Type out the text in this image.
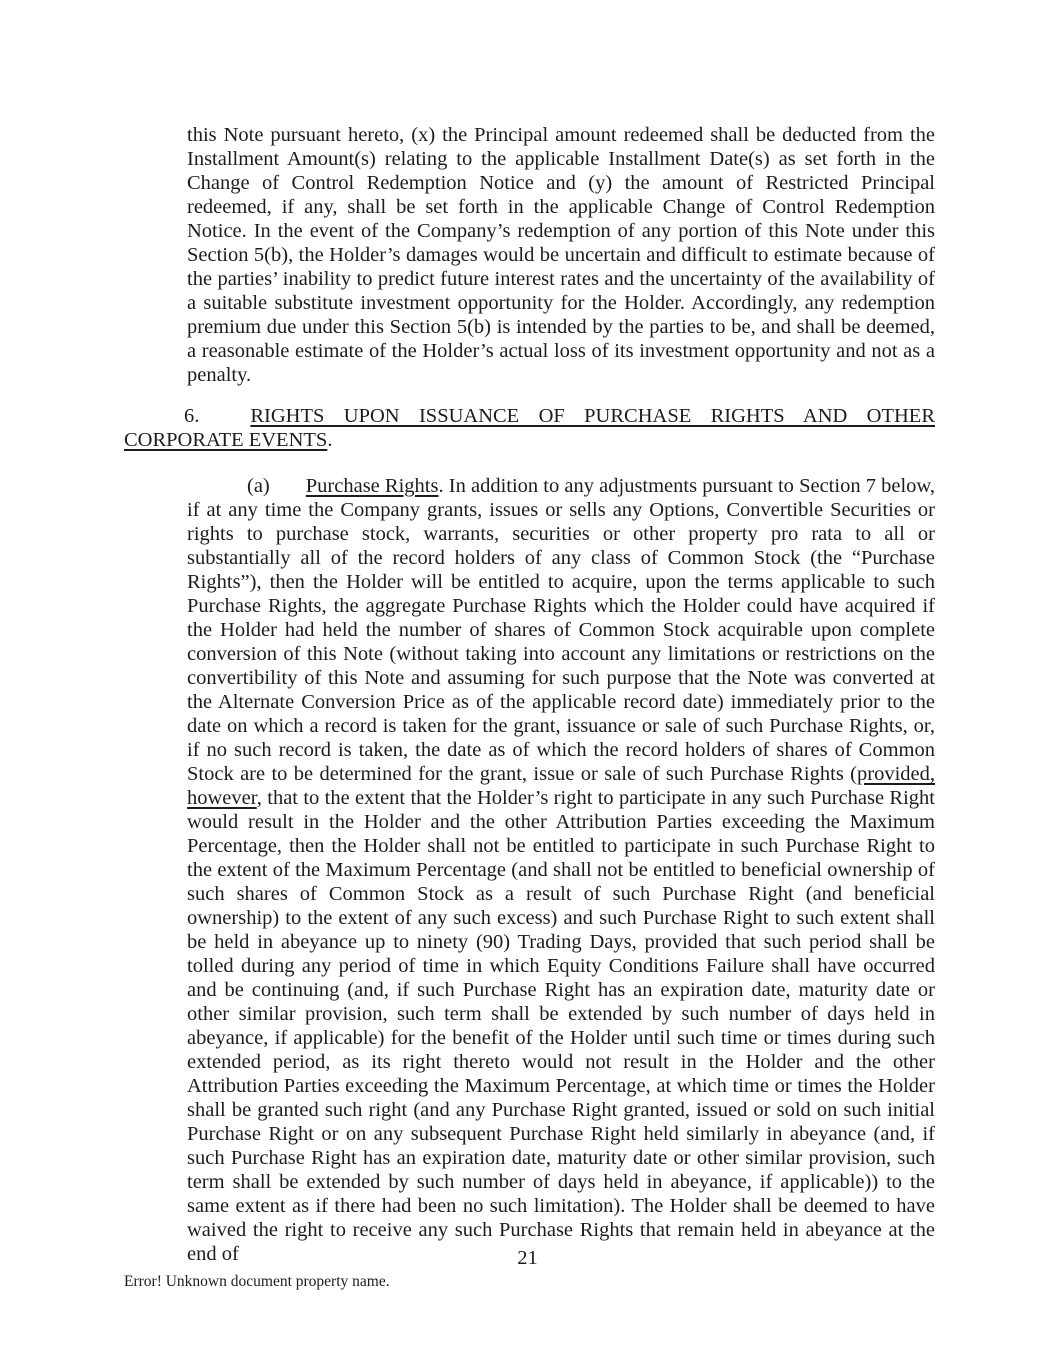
this Note pursuant hereto, (x) the Principal amount redeemed shall be deducted from the Installment Amount(s) relating to the applicable Installment Date(s) as set forth in the Change of Control Redemption Notice and (y) the amount of Restricted Principal redeemed, if any, shall be set forth in the applicable Change of Control Redemption Notice. In the event of the Company’s redemption of any portion of this Note under this Section 5(b), the Holder’s damages would be uncertain and difficult to estimate because of the parties’ inability to predict future interest rates and the uncertainty of the availability of a suitable substitute investment opportunity for the Holder. Accordingly, any redemption premium due under this Section 5(b) is intended by the parties to be, and shall be deemed, a reasonable estimate of the Holder’s actual loss of its investment opportunity and not as a penalty.

6. RIGHTS UPON ISSUANCE OF PURCHASE RIGHTS AND OTHER CORPORATE EVENTS.

(a) Purchase Rights. In addition to any adjustments pursuant to Section 7 below, if at any time the Company grants, issues or sells any Options, Convertible Securities or rights to purchase stock, warrants, securities or other property pro rata to all or substantially all of the record holders of any class of Common Stock (the “Purchase Rights”), then the Holder will be entitled to acquire, upon the terms applicable to such Purchase Rights, the aggregate Purchase Rights which the Holder could have acquired if the Holder had held the number of shares of Common Stock acquirable upon complete conversion of this Note (without taking into account any limitations or restrictions on the convertibility of this Note and assuming for such purpose that the Note was converted at the Alternate Conversion Price as of the applicable record date) immediately prior to the date on which a record is taken for the grant, issuance or sale of such Purchase Rights, or, if no such record is taken, the date as of which the record holders of shares of Common Stock are to be determined for the grant, issue or sale of such Purchase Rights (provided, however, that to the extent that the Holder’s right to participate in any such Purchase Right would result in the Holder and the other Attribution Parties exceeding the Maximum Percentage, then the Holder shall not be entitled to participate in such Purchase Right to the extent of the Maximum Percentage (and shall not be entitled to beneficial ownership of such shares of Common Stock as a result of such Purchase Right (and beneficial ownership) to the extent of any such excess) and such Purchase Right to such extent shall be held in abeyance up to ninety (90) Trading Days, provided that such period shall be tolled during any period of time in which Equity Conditions Failure shall have occurred and be continuing (and, if such Purchase Right has an expiration date, maturity date or other similar provision, such term shall be extended by such number of days held in abeyance, if applicable) for the benefit of the Holder until such time or times during such extended period, as its right thereto would not result in the Holder and the other Attribution Parties exceeding the Maximum Percentage, at which time or times the Holder shall be granted such right (and any Purchase Right granted, issued or sold on such initial Purchase Right or on any subsequent Purchase Right held similarly in abeyance (and, if such Purchase Right has an expiration date, maturity date or other similar provision, such term shall be extended by such number of days held in abeyance, if applicable)) to the same extent as if there had been no such limitation). The Holder shall be deemed to have waived the right to receive any such Purchase Rights that remain held in abeyance at the end of	21
Error! Unknown document property name.
